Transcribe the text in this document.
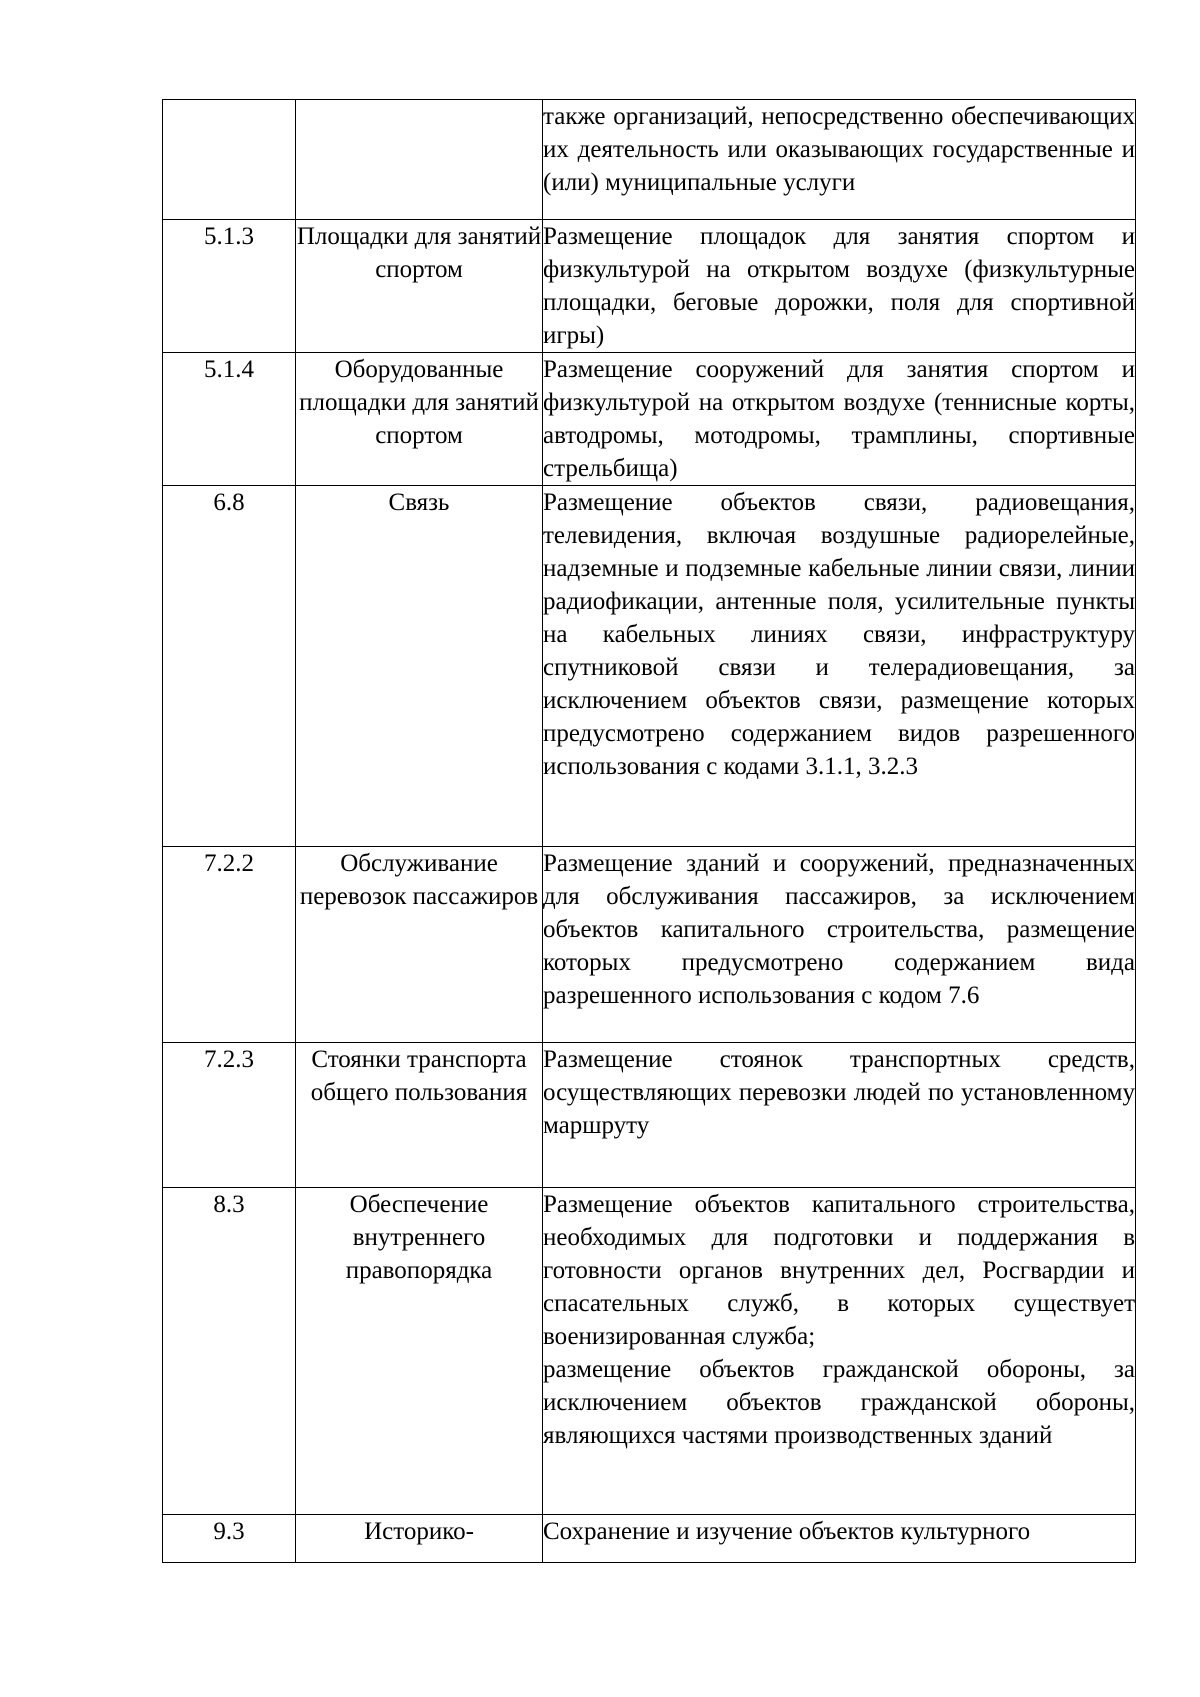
		также организаций, непосредственно обеспечивающих их деятельность или оказывающих государственные и (или) муниципальные услуги

5.1.3	Площадки для занятий спортом	Размещение площадок для занятия спортом и физкультурой на открытом воздухе (физкультурные площадки, беговые дорожки, поля для спортивной игры)

5.1.4	Оборудованные площадки для занятий спортом	Размещение сооружений для занятия спортом и физкультурой на открытом воздухе (теннисные корты, автодромы, мотодромы, трамплины, спортивные стрельбища)

6.8	Связь	Размещение объектов связи, радиовещания, телевидения, включая воздушные радиорелейные, надземные и подземные кабельные линии связи, линии радиофикации, антенные поля, усилительные пункты на кабельных линиях связи, инфраструктуру спутниковой связи и телерадиовещания, за исключением объектов связи, размещение которых предусмотрено содержанием видов разрешенного использования с кодами 3.1.1, 3.2.3

7.2.2	Обслуживание перевозок пассажиров	Размещение зданий и сооружений, предназначенных для обслуживания пассажиров, за исключением объектов капитального строительства, размещение которых предусмотрено содержанием вида разрешенного использования с кодом 7.6

7.2.3	Стоянки транспорта общего пользования	Размещение стоянок транспортных средств, осуществляющих перевозки людей по установленному маршруту

8.3	Обеспечение внутреннего правопорядка	Размещение объектов капитального строительства, необходимых для подготовки и поддержания в готовности органов внутренних дел, Росгвардии и спасательных служб, в которых существует военизированная служба;
размещение объектов гражданской обороны, за исключением объектов гражданской обороны, являющихся частями производственных зданий

9.3	Историко-	Сохранение и изучение объектов культурного
